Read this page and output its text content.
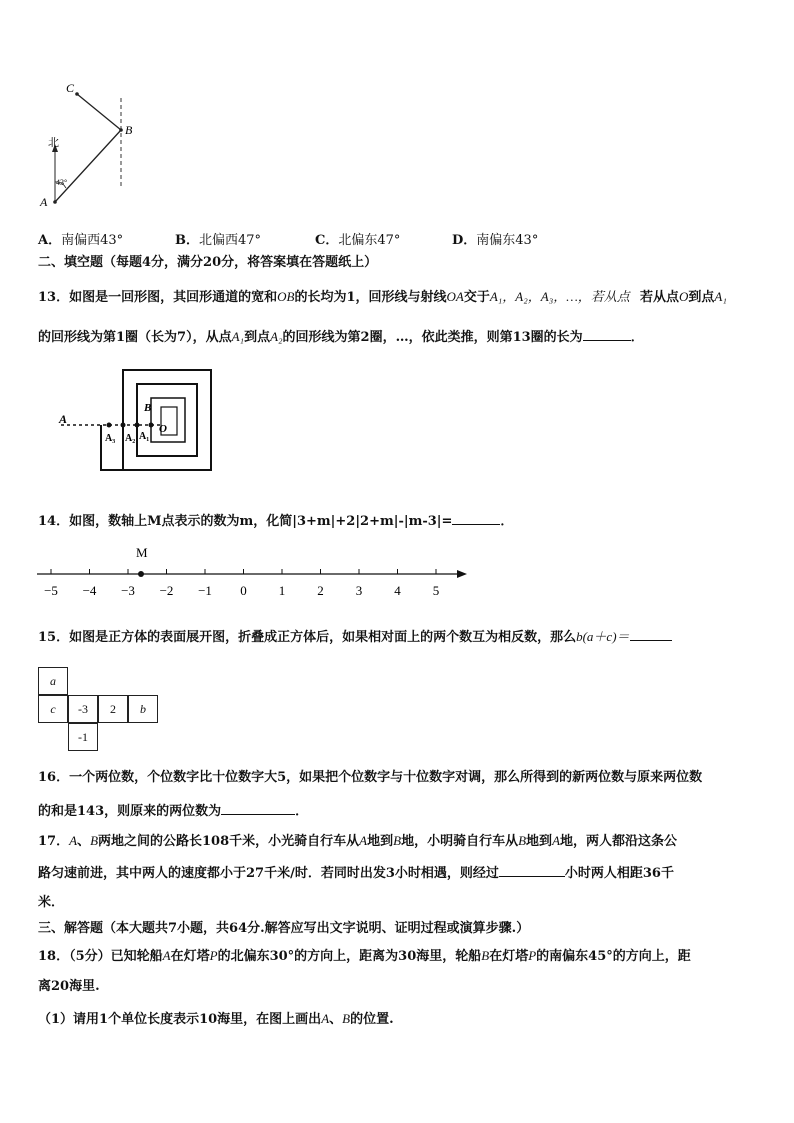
C
B
A
北
43°
A．南偏西43°	B．北偏西47°	C．北偏东47°	D．南偏东43°
二、填空题（每题4分，满分20分，将答案填在答题纸上）
13．如图是一回形图，其回形通道的宽和OB的长均为1，回形线与射线OA交于A₁，A₂，A₃，…，若从点 若从点O到点A₁
的回形线为第1圈（长为7），从点A₁到点A₂的回形线为第2圈，…，依此类推，则第13圈的长为	．
A
A₃ A₂ A₁
B
O
14．如图，数轴上M点表示的数为m，化简|3+m|+2|2+m|-|m-3|=	．
−5 −4 −3 −2 −1 0 1 2 3 4 5
M
15．如图是正方体的表面展开图，折叠成正方体后，如果相对面上的两个数互为相反数，那么b(a＋c)＝
a
c	-3	2	b
-1
16．一个两位数，个位数字比十位数字大5，如果把个位数字与十位数字对调，那么所得到的新两位数与原来两位数
的和是143，则原来的两位数为	．
17．A、B两地之间的公路长108千米，小光骑自行车从A地到B地，小明骑自行车从B地到A地，两人都沿这条公
路匀速前进，其中两人的速度都小于27千米/时．若同时出发3小时相遇，则经过	小时两人相距36千
米．
三、解答题（本大题共7小题，共64分.解答应写出文字说明、证明过程或演算步骤.）
18．（5分）已知轮船A在灯塔P的北偏东30°的方向上，距离为30海里，轮船B在灯塔P的南偏东45°的方向上，距
离20海里.
（1）请用1个单位长度表示10海里，在图上画出A、B的位置.
